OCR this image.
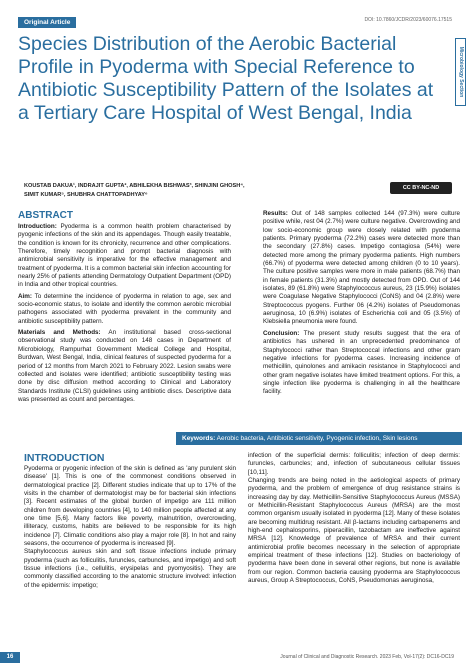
Original Article	DOI: 10.7860/JCDR/2023/60076.17515
Microbiology Section
Species Distribution of the Aerobic Bacterial Profile in Pyoderma with Special Reference to Antibiotic Susceptibility Pattern of the Isolates at a Tertiary Care Hospital of West Bengal, India
KOUSTAB DAKUA¹, INDRAJIT GUPTA², ABHILEKHA BISHWAS³, SHINJINI GHOSH⁴,
SIMIT KUMAR⁵, SHUBHRA CHATTOPADHYAY⁶
CC BY-NC-ND
ABSTRACT

Introduction: Pyoderma is a common health problem characterised by pyogenic infections of the skin and its appendages. Though easily treatable, the condition is known for its chronicity, recurrence and other complications. Therefore, timely recognition and prompt bacterial diagnosis with antimicrobial sensitivity is imperative for the effective management and treatment of pyoderma. It is a common bacterial skin infection accounting for nearly 25% of patients attending Dermatology Outpatient Department (OPD) in India and other tropical countries.

Aim: To determine the incidence of pyoderma in relation to age, sex and socio-economic status, to isolate and identify the common aerobic microbial pathogens associated with pyoderma prevalent in the community and antibiotic susceptibility pattern.

Materials and Methods: An institutional based cross-sectional observational study was conducted on 148 cases in Department of Microbiology, Rampurhat Government Medical College and Hospital, Burdwan, West Bengal, India, clinical features of suspected pyoderma for a period of 12 months from March 2021 to February 2022. Lesion swabs were collected and isolates were identified; antibiotic susceptibility testing was done by disc diffusion method according to Clinical and Laboratory Standards Institute (CLSI) guidelines using antibiotic discs. Descriptive data was presented as count and percentages.

Results: Out of 148 samples collected 144 (97.3%) were culture positive while, rest 04 (2.7%) were culture negative. Overcrowding and low socio-economic group were closely related with pyoderma patients. Primary pyoderma (72.2%) cases were detected more than the secondary (27.8%) cases. Impetigo contagiosa (54%) were detected more among the primary pyoderma patients. High numbers (66.7%) of pyoderma were detected among children (0 to 10 years). The culture positive samples were more in male patients (68.7%) than in female patients (31.3%) and mostly detected from OPD. Out of 144 isolates, 89 (61.8%) were Staphylococcus aureus, 23 (15.9%) isolates were Coagulase Negative Staphylococci (CoNS) and 04 (2.8%) were Streptococcus pyogens. Further 06 (4.2%) isolates of Pseudomonas aeruginosa, 10 (6.9%) isolates of Escherichia coli and 05 (3.5%) of Klebsiella pneumonia were found.

Conclusion: The present study results suggest that the era of antibiotics has ushered in an unprecedented predominance of Staphylococci rather than Streptococcal infections and other gram negative infections for pyoderma cases. Increasing incidence of methicillin, quinolones and amikacin resistance in Staphylococci and other gram negative isolates have limited treatment options. For this, a single infection like pyoderma is challenging in all the healthcare facility.

Keywords: Aerobic bacteria, Antibiotic sensitivity, Pyogenic infection, Skin lesions
INTRODUCTION

Pyoderma or pyogenic infection of the skin is defined as 'any purulent skin disease' [1]. This is one of the commonest conditions observed in dermatological practice [2]. Different studies indicate that up to 17% of the visits in the chamber of dermatologist may be for bacterial skin infections [3]. Recent estimates of the global burden of impetigo are 111 million children from developing countries [4], to 140 million people affected at any one time [5,6]. Many factors like poverty, malnutrition, overcrowding, illiteracy, customs, habits are believed to be responsible for its high incidence [7]. Climatic conditions also play a major role [8]. In hot and rainy seasons, the occurrence of pyoderma is increased [9].
Staphylococcus aureus skin and soft tissue infections include primary pyoderma (such as folliculitis, furuncles, carbuncles, and impetigo) and soft tissue infections (i.e., cellulitis, erysipelas and pyomyositis). They are commonly classified according to the anatomic structure involved: infection of the epidermis: impetigo;

infection of the superficial dermis: folliculitis; infection of deep dermis: furuncles, carbuncles; and, infection of subcutaneous cellular tissues [10,11].
Changing trends are being noted in the aetiological aspects of primary pyoderma, and the problem of emergence of drug resistance strains is increasing day by day. Methicillin-Sensitive Staphylococcus Aureus (MSSA) or Methicillin-Resistant Staphylococcus Aureus (MRSA) are the most common organism usually isolated in pyoderma [12]. Many of these isolates are becoming multidrug resistant. All β-lactams including carbapenems and high-end cephalosporins, piperacillin, tazobactam are ineffective against MRSA [12]. Knowledge of prevalence of MRSA and their current antimicrobial profile becomes necessary in the selection of appropriate empirical treatment of these infections [12]. Studies on bacteriology of pyoderma have been done in several other regions, but none is available from our region. Common bacteria causing pyoderma are Staphylococcus aureus, Group A Streptococcus, CoNS, Pseudomonas aeruginosa,

16	Journal of Clinical and Diagnostic Research. 2023 Feb, Vol-17(2): DC16-DC19
